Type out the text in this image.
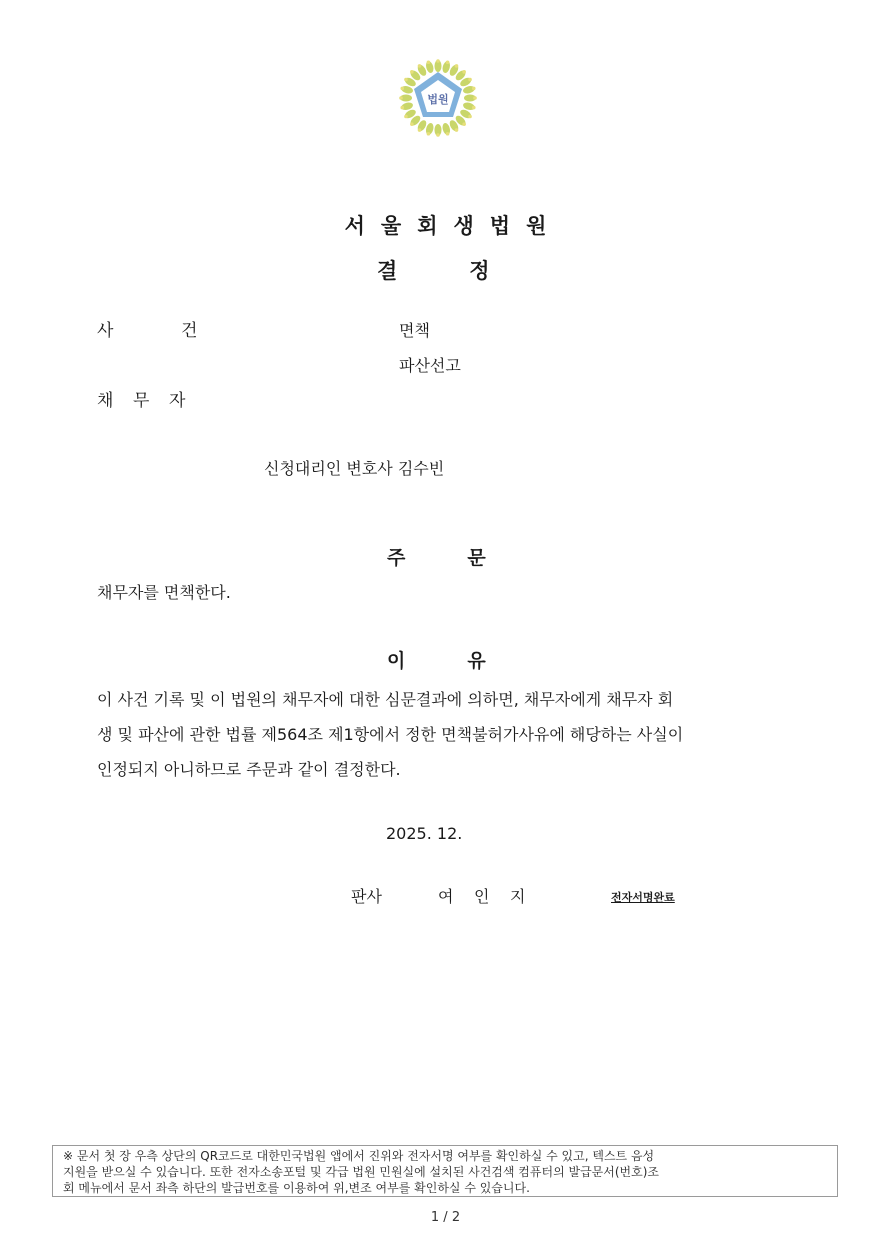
법원
서울회생법원
결	정
사	건	면책
파산선고
채 무 자
신청대리인 변호사 김수빈
주	문
채무자를 면책한다.
이	유
이 사건 기록 및 이 법원의 채무자에 대한 심문결과에 의하면, 채무자에게 채무자 회
생 및 파산에 관한 법률 제564조 제1항에서 정한 면책불허가사유에 해당하는 사실이
인정되지 아니하므로 주문과 같이 결정한다.
2025. 12.
판사	여 인 지	전자서명완료
※ 문서 첫 장 우측 상단의 QR코드로 대한민국법원 앱에서 진위와 전자서명 여부를 확인하실 수 있고, 텍스트 음성
지원을 받으실 수 있습니다. 또한 전자소송포털 및 각급 법원 민원실에 설치된 사건검색 컴퓨터의 발급문서(번호)조
회 메뉴에서 문서 좌측 하단의 발급번호를 이용하여 위,변조 여부를 확인하실 수 있습니다.
1 / 2
